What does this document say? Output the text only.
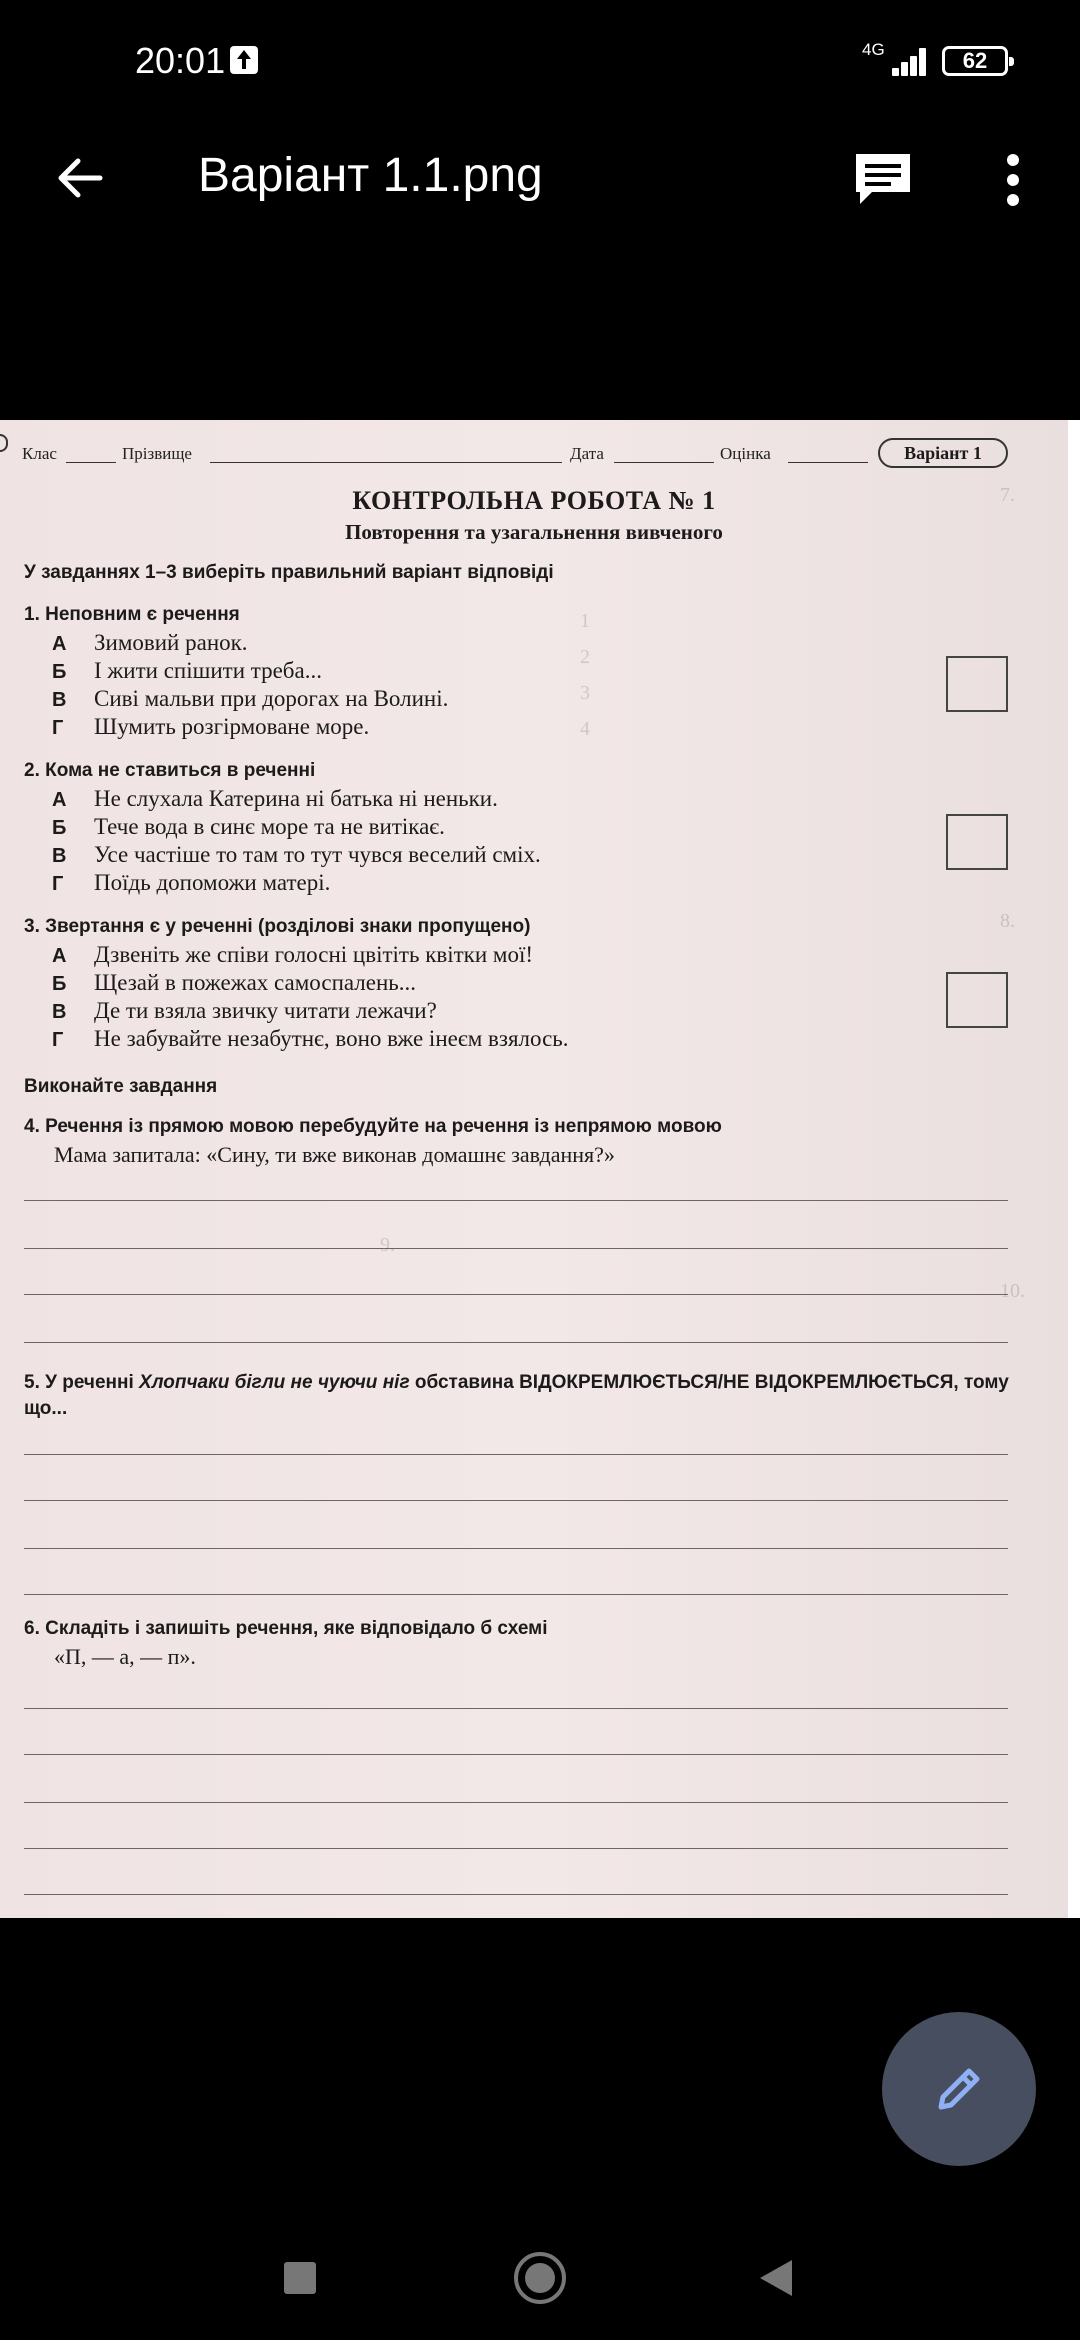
20:01	4G	62
Варіант 1.1.png
7.
1
2
3
4
8.
9.
10.
Клас	Прізвище	Дата	Оцінка	Варіант 1
КОНТРОЛЬНА РОБОТА № 1
Повторення та узагальнення вивченого
У завданнях 1–3 виберіть правильний варіант відповіді
1. Неповним є речення
А Зимовий ранок.
Б І жити спішити треба...
В Сиві мальви при дорогах на Волині.
Г Шумить розгірмоване море.
2. Кома не ставиться в реченні
А Не слухала Катерина ні батька ні неньки.
Б Тече вода в синє море та не витікає.
В Усе частіше то там то тут чувся веселий сміх.
Г Поїдь допоможи матері.
3. Звертання є у реченні (розділові знаки пропущено)
А Дзвеніть же співи голосні цвітіть квітки мої!
Б Щезай в пожежах самоспалень...
В Де ти взяла звичку читати лежачи?
Г Не забувайте незабутнє, воно вже інеєм взялось.
Виконайте завдання
4. Речення із прямою мовою перебудуйте на речення із непрямою мовою
Мама запитала: «Сину, ти вже виконав домашнє завдання?»
5. У реченні Хлопчаки бігли не чуючи ніг обставина ВІДОКРЕМЛЮЄТЬСЯ/НЕ ВІДОКРЕМЛЮЄТЬСЯ, тому що...
6. Складіть і запишіть речення, яке відповідало б схемі
«П, — а, — п».
